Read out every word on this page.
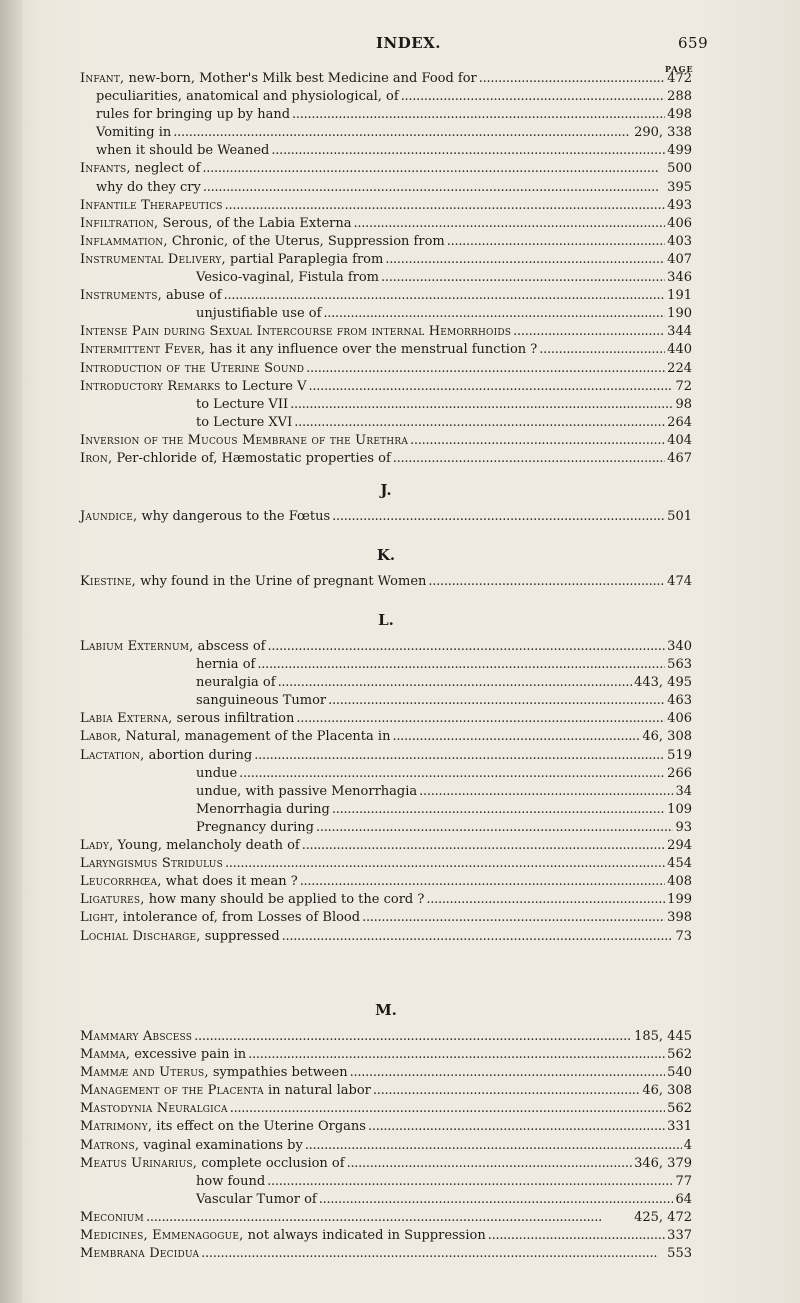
INDEX.	659
PAGE
Infant, new-born, Mother's Milk best Medicine and Food for . . .	472
peculiarities, anatomical and physiological, of . . .	288
rules for bringing up by hand . . .	498
Vomiting in . . .	290, 338
when it should be Weaned . . .	499
Infants, neglect of . . .	500
why do they cry . . .	395
Infantile Therapeutics . . .	493
Infiltration, Serous, of the Labia Externa . . .	406
Inflammation, Chronic, of the Uterus, Suppression from . . .	403
Instrumental Delivery, partial Paraplegia from . . .	407
Vesico-vaginal, Fistula from . . .	346
Instruments, abuse of . . .	191
unjustifiable use of . . .	190
Intense Pain during Sexual Intercourse from internal Hemorrhoids . . .	344
Intermittent Fever, has it any influence over the menstrual function ? . . .	440
Introduction of the Uterine Sound . . .	224
Introductory Remarks to Lecture V . . .	72
to Lecture VII . . .	98
to Lecture XVI . . .	264
Inversion of the Mucous Membrane of the Urethra . . .	404
Iron, Per-chloride of, Hæmostatic properties of . . .	467
J.
Jaundice, why dangerous to the Fœtus . . .	501
K.
Kiestine, why found in the Urine of pregnant Women . . .	474
L.
Labium Externum, abscess of . . .	340
hernia of . . .	563
neuralgia of . . .	443, 495
sanguineous Tumor . . .	463
Labia Externa, serous infiltration . . .	406
Labor, Natural, management of the Placenta in . . .	46, 308
Lactation, abortion during . . .	519
undue . . .	266
undue, with passive Menorrhagia . . .	34
Menorrhagia during . . .	109
Pregnancy during . . .	93
Lady, Young, melancholy death of . . .	294
Laryngismus Stridulus . . .	454
Leucorrhœa, what does it mean ? . . .	408
Ligatures, how many should be applied to the cord ? . . .	199
Light, intolerance of, from Losses of Blood . . .	398
Lochial Discharge, suppressed . . .	73
M.
Mammary Abscess . . .	185, 445
Mamma, excessive pain in . . .	562
Mammæ and Uterus, sympathies between . . .	540
Management of the Placenta in natural labor . . .	46, 308
Mastodynia Neuralgica . . .	562
Matrimony, its effect on the Uterine Organs . . .	331
Matrons, vaginal examinations by . . .	4
Meatus Urinarius, complete occlusion of . . .	346, 379
how found . . .	77
Vascular Tumor of . . .	64
Meconium . . .	425, 472
Medicines, Emmenagogue, not always indicated in Suppression . . .	337
Membrana Decidua . . .	553
